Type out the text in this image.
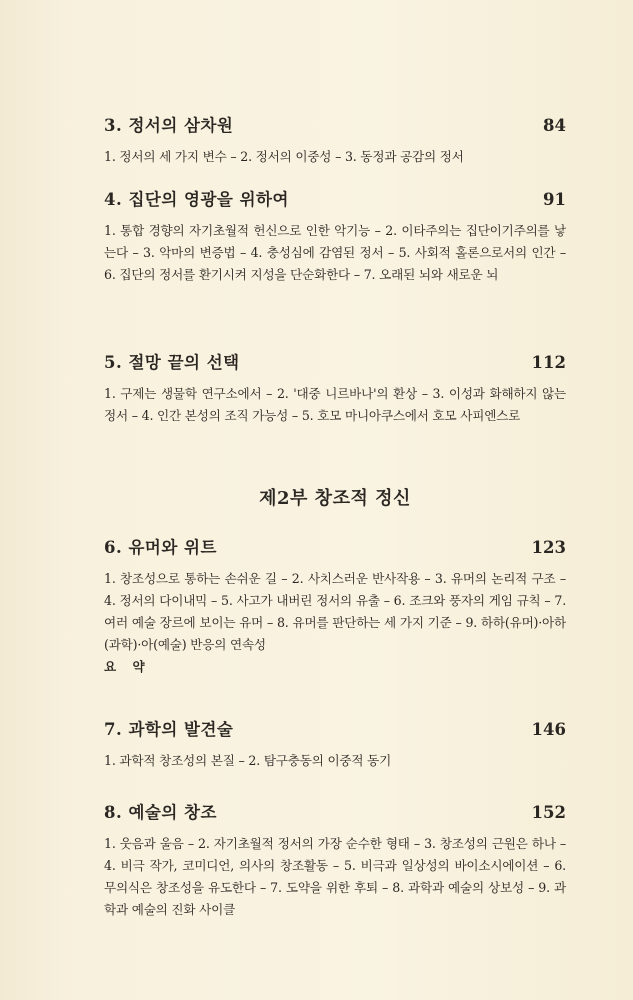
3. 정서의 삼차원	84
1. 정서의 세 가지 변수 – 2. 정서의 이중성 – 3. 동정과 공감의 정서
4. 집단의 영광을 위하여	91
1. 통합 경향의 자기초월적 헌신으로 인한 악기능 – 2. 이타주의는 집단이기주의를 낳는다 – 3. 악마의 변증법 – 4. 충성심에 감염된 정서 – 5. 사회적 홀론으로서의 인간 – 6. 집단의 정서를 환기시켜 지성을 단순화한다 – 7. 오래된 뇌와 새로운 뇌
5. 절망 끝의 선택	112
1. 구제는 생물학 연구소에서 – 2. '대중 니르바나'의 환상 – 3. 이성과 화해하지 않는 정서 – 4. 인간 본성의 조직 가능성 – 5. 호모 마니아쿠스에서 호모 사피엔스로
제2부 창조적 정신
6. 유머와 위트	123
1. 창조성으로 통하는 손쉬운 길 – 2. 사치스러운 반사작용 – 3. 유머의 논리적 구조 – 4. 정서의 다이내믹 – 5. 사고가 내버린 정서의 유출 – 6. 조크와 풍자의 게임 규칙 – 7. 여러 예술 장르에 보이는 유머 – 8. 유머를 판단하는 세 가지 기준 – 9. 하하(유머)·아하(과학)·아(예술) 반응의 연속성
요 약
7. 과학의 발견술	146
1. 과학적 창조성의 본질 – 2. 탐구충동의 이중적 동기
8. 예술의 창조	152
1. 웃음과 울음 – 2. 자기초월적 정서의 가장 순수한 형태 – 3. 창조성의 근원은 하나 – 4. 비극 작가, 코미디언, 의사의 창조활동 – 5. 비극과 일상성의 바이소시에이션 – 6. 무의식은 창조성을 유도한다 – 7. 도약을 위한 후퇴 – 8. 과학과 예술의 상보성 – 9. 과학과 예술의 진화 사이클
